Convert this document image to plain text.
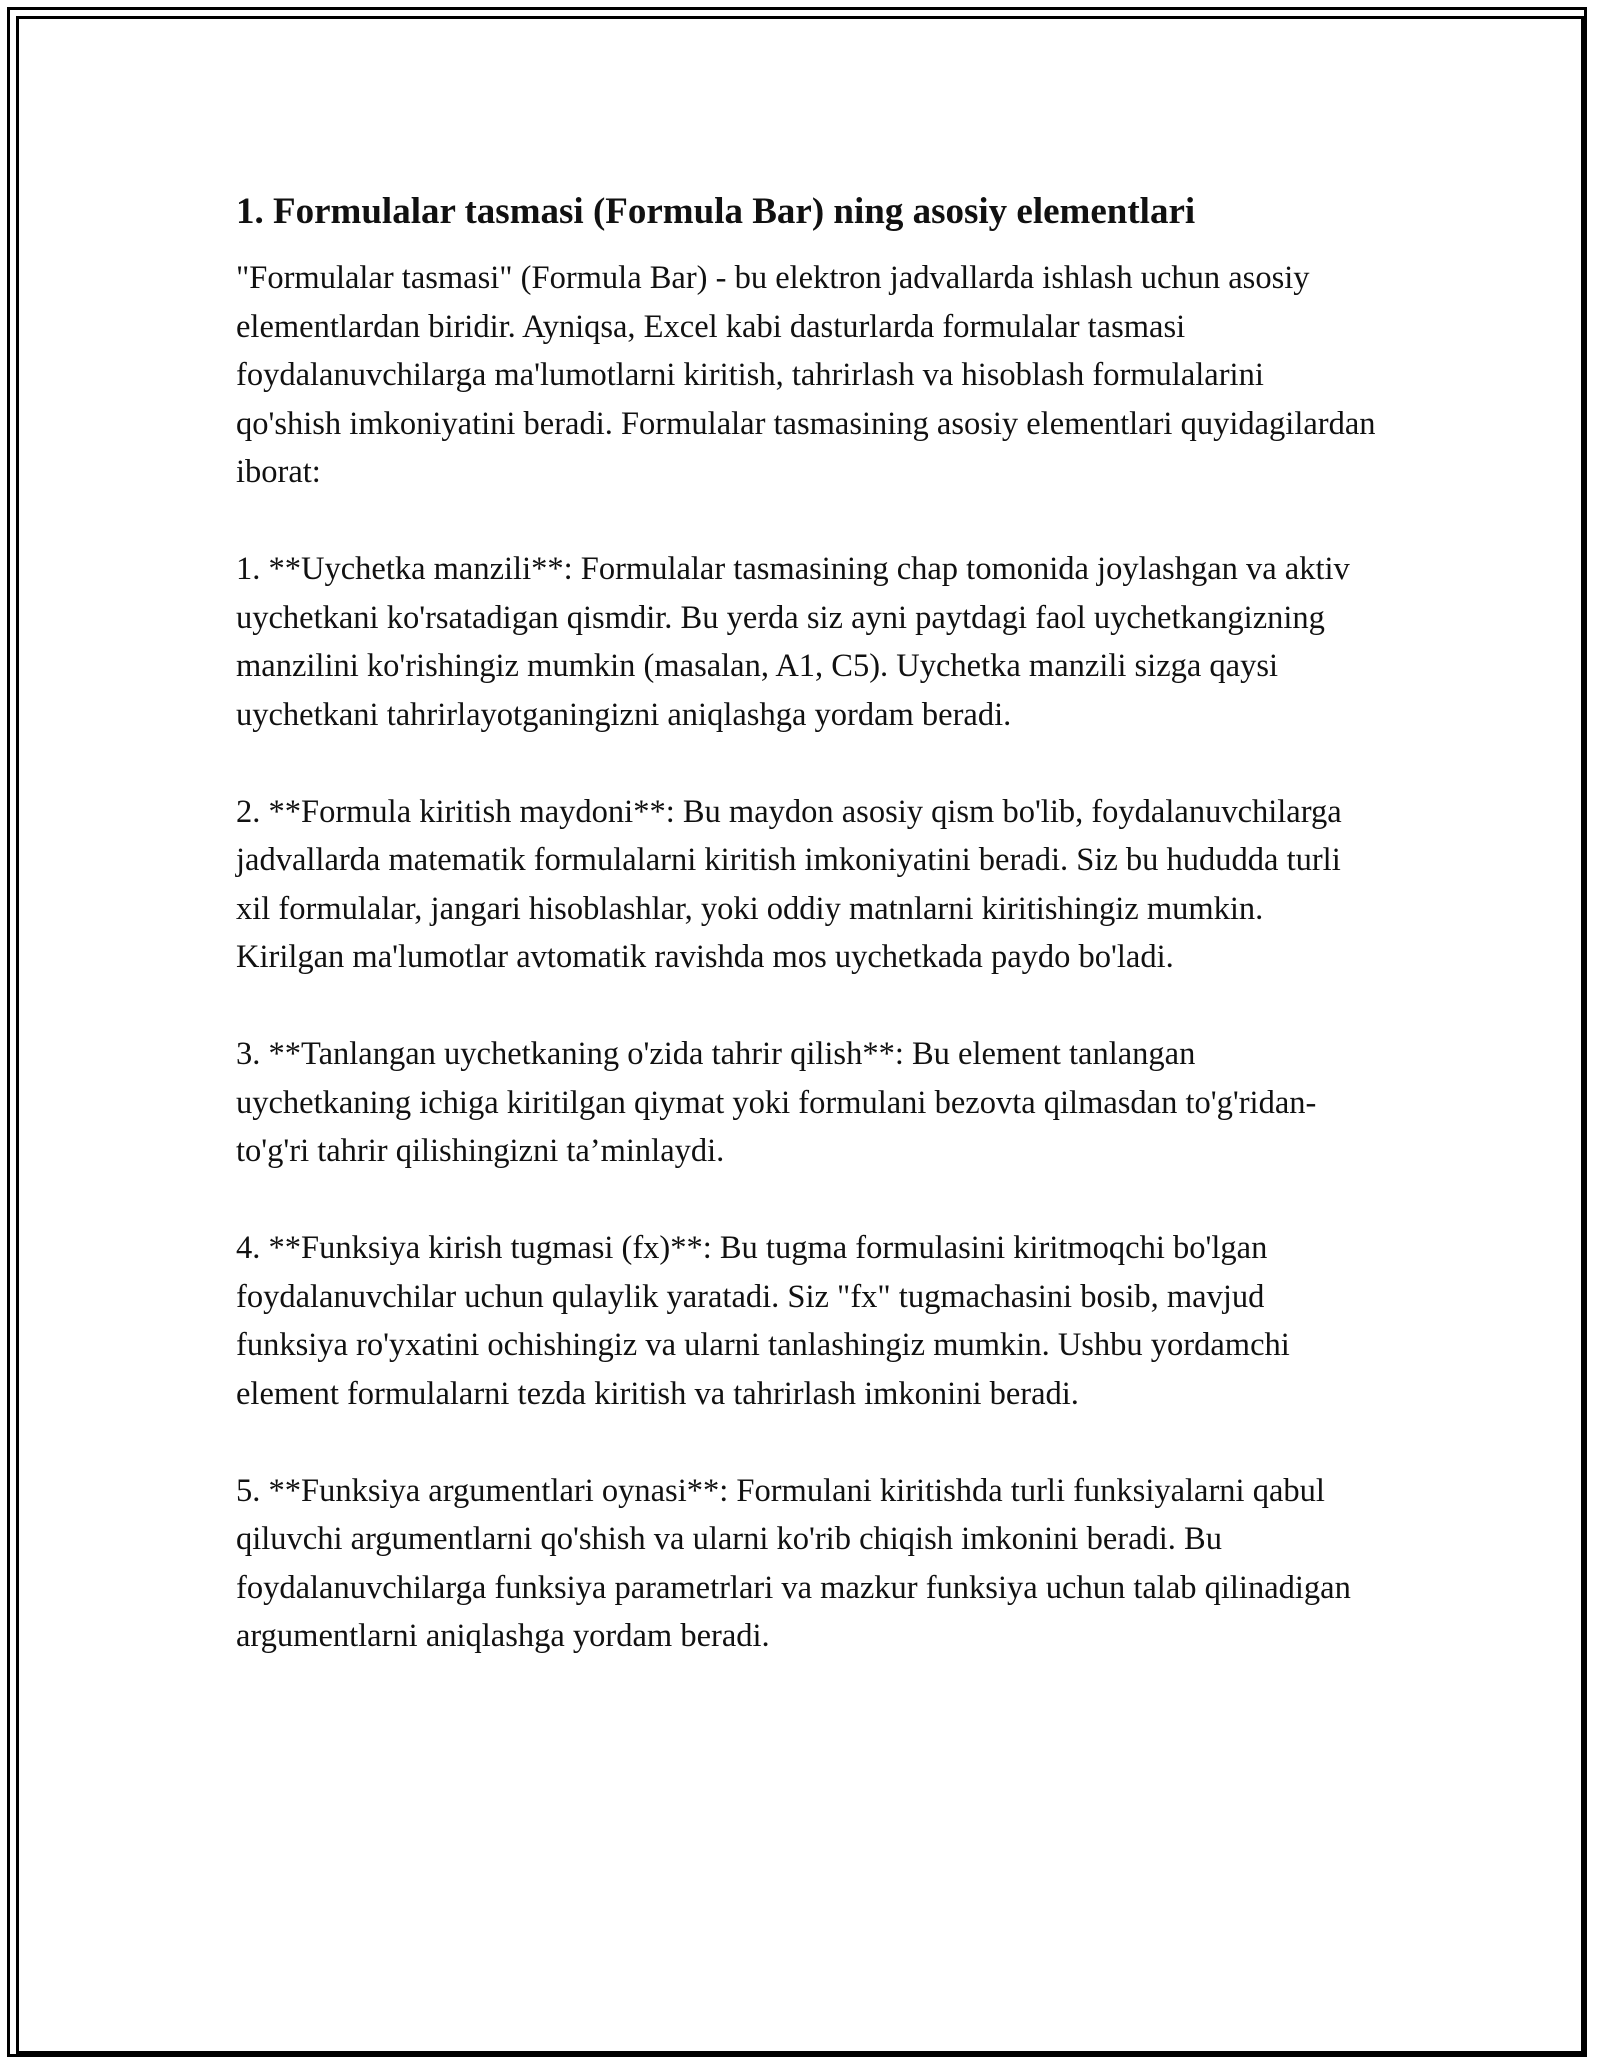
1. Formulalar tasmasi (Formula Bar) ning asosiy elementlari

"Formulalar tasmasi" (Formula Bar) - bu elektron jadvallarda ishlash uchun asosiy elementlardan biridir. Ayniqsa, Excel kabi dasturlarda formulalar tasmasi foydalanuvchilarga ma'lumotlarni kiritish, tahrirlash va hisoblash formulalarini qo'shish imkoniyatini beradi. Formulalar tasmasining asosiy elementlari quyidagilardan iborat:

1. **Uychetka manzili**: Formulalar tasmasining chap tomonida joylashgan va aktiv uychetkani ko'rsatadigan qismdir. Bu yerda siz ayni paytdagi faol uychetkangizning manzilini ko'rishingiz mumkin (masalan, A1, C5). Uychetka manzili sizga qaysi uychetkani tahrirlayotganingizni aniqlashga yordam beradi.

2. **Formula kiritish maydoni**: Bu maydon asosiy qism bo'lib, foydalanuvchilarga jadvallarda matematik formulalarni kiritish imkoniyatini beradi. Siz bu hududda turli xil formulalar, jangari hisoblashlar, yoki oddiy matnlarni kiritishingiz mumkin. Kirilgan ma'lumotlar avtomatik ravishda mos uychetkada paydo bo'ladi.

3. **Tanlangan uychetkaning o'zida tahrir qilish**: Bu element tanlangan uychetkaning ichiga kiritilgan qiymat yoki formulani bezovta qilmasdan to'g'ridan-to'g'ri tahrir qilishingizni ta’minlaydi.

4. **Funksiya kirish tugmasi (fx)**: Bu tugma formulasini kiritmoqchi bo'lgan foydalanuvchilar uchun qulaylik yaratadi. Siz "fx" tugmachasini bosib, mavjud funksiya ro'yxatini ochishingiz va ularni tanlashingiz mumkin. Ushbu yordamchi element formulalarni tezda kiritish va tahrirlash imkonini beradi.

5. **Funksiya argumentlari oynasi**: Formulani kiritishda turli funksiyalarni qabul qiluvchi argumentlarni qo'shish va ularni ko'rib chiqish imkonini beradi. Bu foydalanuvchilarga funksiya parametrlari va mazkur funksiya uchun talab qilinadigan argumentlarni aniqlashga yordam beradi.
